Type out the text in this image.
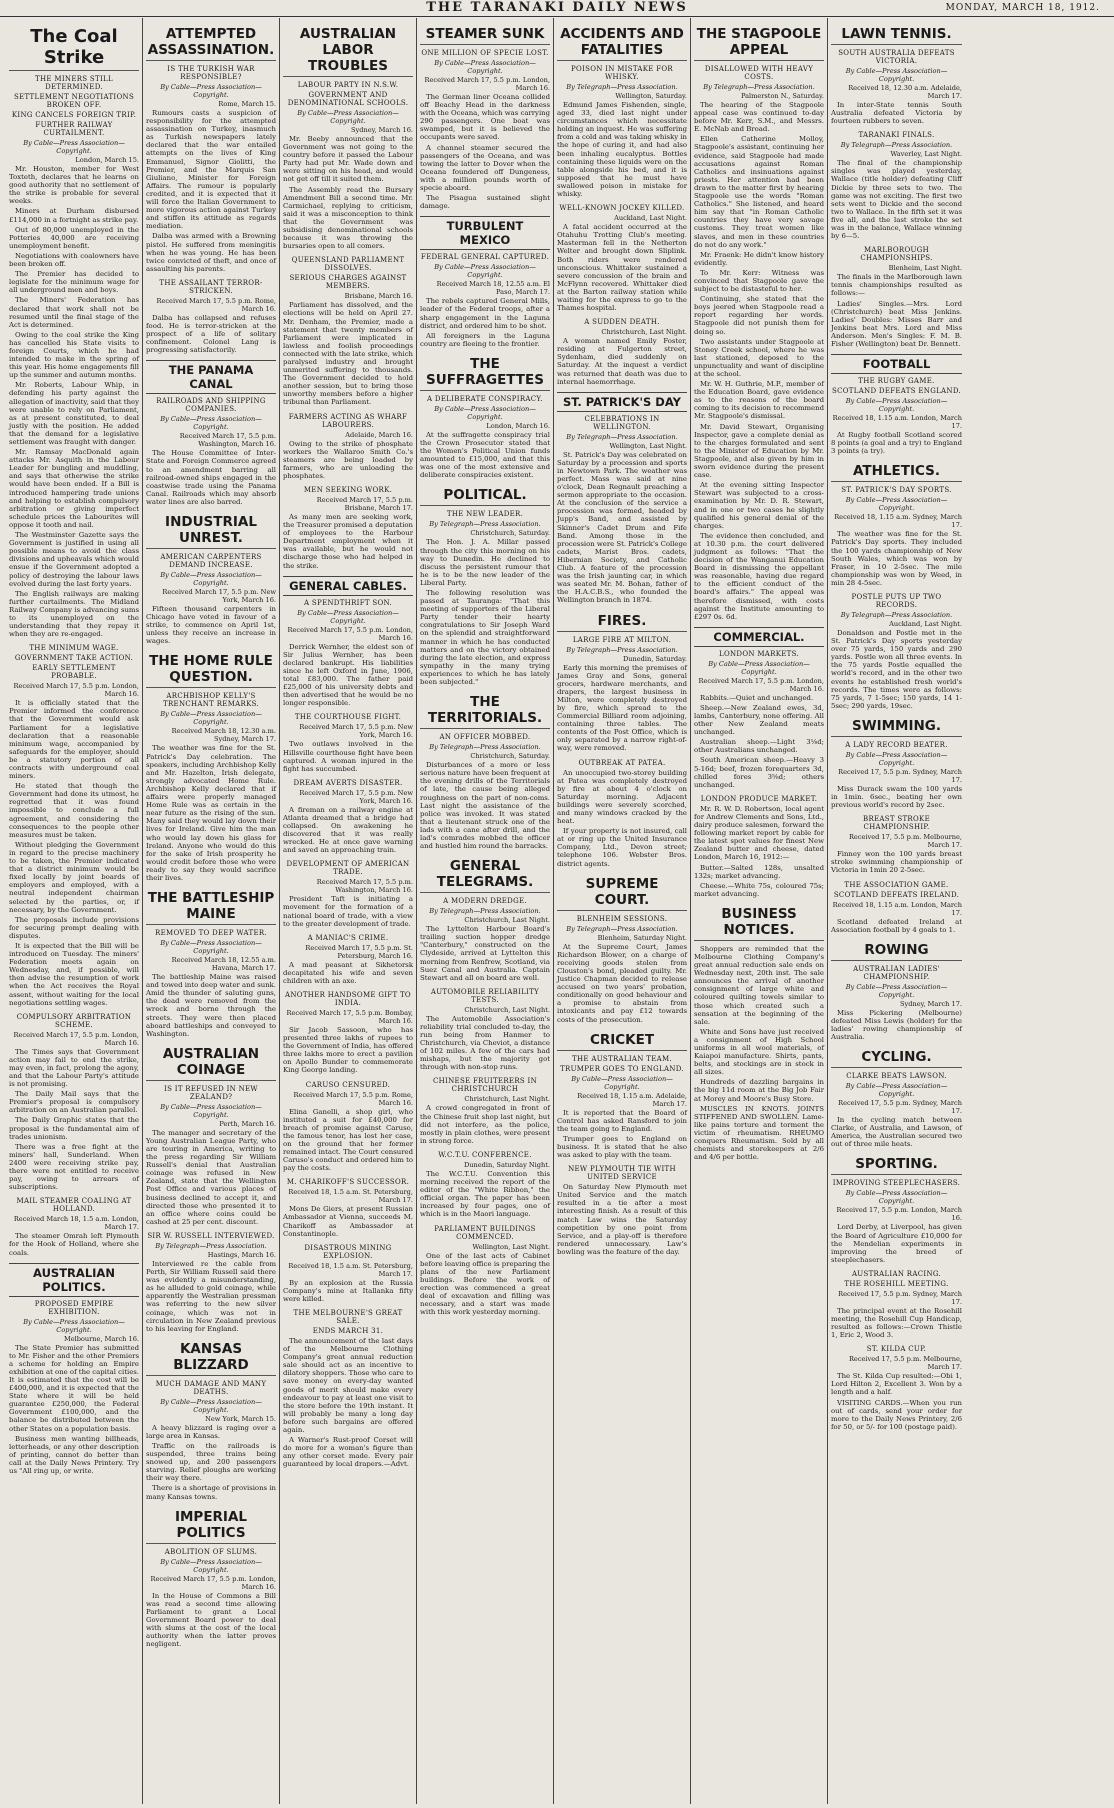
THE TARANAKI DAILY NEWS	MONDAY, MARCH 18, 1912.
The Coal Strike
THE MINERS STILL DETERMINED.
SETTLEMENT NEGOTIATIONS BROKEN OFF.
KING CANCELS FOREIGN TRIP.
FURTHER RAILWAY CURTAILMENT.
By Cable—Press Association—Copyright.
London, March 15.

Mr. Houston, member for West Toxteth, declares that he learns on good authority that no settlement of the strike is probable for several weeks.

Miners at Durham disbursed £114,000 in a fortnight as strike pay.

Out of 80,000 unemployed in the Potteries 40,000 are receiving unemployment benefit.

Negotiations with coalowners have been broken off.

The Premier has decided to legislate for the minimum wage for all underground men and boys.

The Miners' Federation has declared that work shall not be resumed until the final stage of the Act is determined.

Owing to the coal strike the King has cancelled his State visits to foreign Courts, which he had intended to make in the spring of this year. His home engagements fill up the summer and autumn months.

Mr. Roberts, Labour Whip, in defending his party against the allegation of inactivity, said that they were unable to rely on Parliament, as at present constituted, to deal justly with the position. He added that the demand for a legislative settlement was fraught with danger.

Mr. Ramsay MacDonald again attacks Mr. Asquith in the Labour Leader for bungling and muddling, and says that otherwise the strike would have been ended. If a Bill is introduced hampering trade unions and helping to establish compulsory arbitration or giving imperfect schedule prices the Labourites will oppose it tooth and nail.

The Westminster Gazette says the Government is justified in using all possible means to avoid the class divisions and upheavals which would ensue if the Government adopted a policy of destroying the labour laws evolved during the last forty years.

The English railways are making further curtailments. The Midland Railway Company is advancing sums to its unemployed on the understanding that they repay it when they are re-engaged.

THE MINIMUM WAGE.
GOVERNMENT TAKE ACTION.
EARLY SETTLEMENT PROBABLE.
Received March 17, 5.5 p.m. London, March 16.

It is officially stated that the Premier informed the conference that the Government would ask Parliament for a legislative declaration that a reasonable minimum wage, accompanied by safeguards for the employer, should be a statutory portion of all contracts with underground coal miners.

He stated that though the Government had done its utmost, he regretted that it was found impossible to conclude a full agreement, and considering the consequences to the people other measures must be taken.

Without pledging the Government in regard to the precise machinery to be taken, the Premier indicated that a district minimum would be fixed locally by joint boards of employers and employed, with a neutral independent chairman selected by the parties, or, if necessary, by the Government.

The proposals include provisions for securing prompt dealing with disputes.

It is expected that the Bill will be introduced on Tuesday. The miners' Federation meets again on Wednesday, and, if possible, will then advise the resumption of work when the Act receives the Royal assent, without waiting for the local negotiations settling wages.

COMPULSORY ARBITRATION SCHEME.
Received March 17, 5.5 p.m. London, March 16.

The Times says that Government action may fail to end the strike, may even, in fact, prolong the agony, and that the Labour Party's attitude is not promising.

The Daily Mail says that the Premier's proposal is compulsory arbitration on an Australian parallel.

The Daily Graphic states that the proposal is the fundamental aim of trades unionism.

There was a free fight at the miners' hall, Sunderland. When 2400 were receiving strike pay, there were not entitled to receive pay, owing to arrears of subscriptions.

MAIL STEAMER COALING AT HOLLAND.
Received March 18, 1.5 a.m. London, March 17.

The steamer Omrah left Plymouth for the Hook of Holland, where she coals.

AUSTRALIAN POLITICS.
PROPOSED EMPIRE EXHIBITION.
By Cable—Press Association—Copyright.
Melbourne, March 16.

The State Premier has submitted to Mr. Fisher and the other Premiers a scheme for holding an Empire exhibition at one of the capital cities. It is estimated that the cost will be £400,000, and it is expected that the State where it will be held guarantee £250,000, the Federal Government £100,000, and the balance be distributed between the other States on a population basis.

Business men wanting billheads, letterheads, or any other description of printing, cannot do better than call at the Daily News Printery. Try us "All ring up, or write.

ATTEMPTED ASSASSINATION.
IS THE TURKISH WAR RESPONSIBLE?
By Cable—Press Association—Copyright.
Rome, March 15.

Rumours casts a suspicion of responsibility for the attempted assassination on Turkey, inasmuch as Turkish newspapers lately declared that the war entailed attempts on the lives of King Emmanuel, Signor Giolitti, the Premier, and the Marquis San Giuliano, Minister for Foreign Affairs. The rumour is popularly credited, and it is expected that it will force the Italian Government to more vigorous action against Turkey and stiffen its attitude as regards mediation.

Dalba was armed with a Browning pistol. He suffered from meningitis when he was young. He has been twice convicted of theft, and once of assaulting his parents.

THE ASSAILANT TERROR-STRICKEN.
Received March 17, 5.5 p.m. Rome, March 16.

Dalba has collapsed and refuses food. He is terror-stricken at the prospect of a life of solitary confinement. Colonel Lang is progressing satisfactorily.

THE PANAMA CANAL
RAILROADS AND SHIPPING COMPANIES.
By Cable—Press Association—Copyright.
Received March 17, 5.5 p.m. Washington, March 16.

The House Committee of Inter-State and Foreign Commerce agreed to an amendment barring all railroad-owned ships engaged in the coastwise trade using the Panama Canal. Railroads which may absorb water lines are also barred.

INDUSTRIAL UNREST.
AMERICAN CARPENTERS DEMAND INCREASE.
By Cable—Press Association—Copyright.
Received March 17, 5.5 p.m. New York, March 16.

Fifteen thousand carpenters in Chicago have voted in favour of a strike, to commence on April 1st, unless they receive an increase in wages.

THE HOME RULE QUESTION.
ARCHBISHOP KELLY'S TRENCHANT REMARKS.
By Cable—Press Association—Copyright.
Received March 18, 12.30 a.m. Sydney, March 17.

The weather was fine for the St. Patrick's Day celebration. The speakers, including Archbishop Kelly and Mr. Hazelton, Irish delegate, strongly advocated Home Rule. Archbishop Kelly declared that if affairs were properly managed Home Rule was as certain in the near future as the rising of the sun. Many said they would lay down their lives for Ireland. Give him the man who would lay down his glass for Ireland. Anyone who would do this for the sake of Irish prosperity he would credit before those who were ready to say they would sacrifice their lives.

THE BATTLESHIP MAINE
REMOVED TO DEEP WATER.
By Cable—Press Association—Copyright.
Received March 18, 12.55 a.m. Havana, March 17.

The battleship Maine was raised and towed into deep water and sunk. Amid the thunder of saluting guns, the dead were removed from the wreck and borne through the streets. They were then placed aboard battleships and conveyed to Washington.

AUSTRALIAN COINAGE
IS IT REFUSED IN NEW ZEALAND?
By Cable—Press Association—Copyright.
Perth, March 16.

The manager and secretary of the Young Australian League Party, who are touring in America, writing to the press regarding Sir William Russell's denial that Australian coinage was refused in New Zealand, state that the Wellington Post Office and various places of business declined to accept it, and directed those who presented it to an office where coins could be cashed at 25 per cent. discount.

SIR W. RUSSELL INTERVIEWED.
By Telegraph—Press Association.
Hastings, March 16.

Interviewed re the cable from Perth, Sir William Russell said there was evidently a misunderstanding, as he alluded to gold coinage, while apparently the Westralian pressman was referring to the new silver coinage, which was not in circulation in New Zealand previous to his leaving for England.

KANSAS BLIZZARD
MUCH DAMAGE AND MANY DEATHS.
By Cable—Press Association—Copyright.
New York, March 15.

A heavy blizzard is raging over a large area in Kansas.

Traffic on the railroads is suspended, three trains being snowed up, and 200 passengers starving. Relief ploughs are working their way there.

There is a shortage of provisions in many Kansas towns.

IMPERIAL POLITICS
ABOLITION OF SLUMS.
By Cable—Press Association—Copyright.
Received March 17, 5.5 p.m. London, March 16.

In the House of Commons a Bill was read a second time allowing Parliament to grant a Local Government Board power to deal with slums at the cost of the local authority when the latter proves negligent.

AUSTRALIAN LABOR TROUBLES
LABOUR PARTY IN N.S.W.
GOVERNMENT AND DENOMINATIONAL SCHOOLS.
By Cable—Press Association—Copyright.
Sydney, March 16.

Mr. Beeby announced that the Government was not going to the country before it passed the Labour Party had put Mr. Wade down and were sitting on his head, and would not get off till it suited them.

The Assembly read the Bursary Amendment Bill a second time. Mr. Carmichael, replying to criticism, said it was a misconception to think that the Government was subsidising denominational schools because it was throwing the bursaries open to all comers.

QUEENSLAND PARLIAMENT DISSOLVES.
SERIOUS CHARGES AGAINST MEMBERS.
Brisbane, March 16.

Parliament has dissolved, and the elections will be held on April 27. Mr. Denham, the Premier, made a statement that twenty members of Parliament were implicated in lawless and foolish proceedings connected with the late strike, which paralysed industry and brought unmerited suffering to thousands. The Government decided to hold another session, but to bring those unworthy members before a higher tribunal than Parliament.

FARMERS ACTING AS WHARF LABOURERS.
Adelaide, March 16.

Owing to the strike of phosphate workers the Wallaroo Smith Co.'s steamers are being loaded by farmers, who are unloading the phosphates.

MEN SEEKING WORK.
Received March 17, 5.5 p.m. Brisbane, March 17.

As many men are seeking work, the Treasurer promised a deputation of employees to the Harbour Department employment when it was available, but he would not discharge those who had helped in the strike.

GENERAL CABLES.
A SPENDTHRIFT SON.
By Cable—Press Association—Copyright.
Received March 17, 5.5 p.m. London, March 16.

Derrick Wernher, the eldest son of Sir Julius Wernher, has been declared bankrupt. His liabilities since he left Oxford in June, 1906, total £83,000. The father paid £25,000 of his university debts and then advertised that he would be no longer responsible.

THE COURTHOUSE FIGHT.
Received March 17, 5.5 p.m. New York, March 16.

Two outlaws involved in the Hillsville courthouse fight have been captured. A woman injured in the fight has succumbed.

DREAM AVERTS DISASTER.
Received March 17, 5.5 p.m. New York, March 16.

A fireman on a railway engine at Atlanta dreamed that a bridge had collapsed. On awakening he discovered that it was really wrecked. He at once gave warning and saved an approaching train.

DEVELOPMENT OF AMERICAN TRADE.
Received March 17, 5.5 p.m. Washington, March 16.

President Taft is initiating a movement for the formation of a national board of trade, with a view to the greater development of trade.

A MANIAC'S CRIME.
Received March 17, 5.5 p.m. St. Petersburg, March 16.

A mad peasant at Sikhetorsk decapitated his wife and seven children with an axe.

ANOTHER HANDSOME GIFT TO INDIA.
Received March 17, 5.5 p.m. Bombay, March 16.

Sir Jacob Sassoon, who has presented three lakhs of rupees to the Government of India, has offered three lakhs more to erect a pavilion on Apollo Bunder to commemorate King George landing.

CARUSO CENSURED.
Received March 17, 5.5 p.m. Rome, March 16.

Elina Ganelli, a shop girl, who instituted a suit for £40,000 for breach of promise against Caruso, the famous tenor, has lost her case, on the ground that her former remained intact. The Court censured Caruso's conduct and ordered him to pay the costs.

M. CHARIKOFF'S SUCCESSOR.
Received 18, 1.5 a.m. St. Petersburg, March 17.

Mons De Giers, at present Russian Ambassador at Vienna, succeeds M. Charikoff as Ambassador at Constantinople.

DISASTROUS MINING EXPLOSION.
Received 18, 1.5 a.m. St. Petersburg, March 17.

By an explosion at the Russia Company's mine at Itallanka fifty were killed.

THE MELBOURNE'S GREAT SALE.
ENDS MARCH 31.

The announcement of the last days of the Melbourne Clothing Company's great annual reduction sale should act as an incentive to dilatory shoppers. Those who care to save money on every-day wanted goods of merit should make every endeavour to pay at least one visit to the store before the 19th instant. It will probably be many a long day before such bargains are offered again.

A Warner's Rust-proof Corset will do more for a woman's figure than any other corset made. Every pair guaranteed by local drapers.—Advt.

STEAMER SUNK
ONE MILLION OF SPECIE LOST.
By Cable—Press Association—Copyright.
Received March 17, 5.5 p.m. London, March 16.

The German liner Oceana collided off Beachy Head in the darkness with the Oceana, which was carrying 290 passengers. One boat was swamped, but it is believed the occupants were saved.

A channel steamer secured the passengers of the Oceana, and was towing the latter to Dover when the Oceana foundered off Dungeness, with a million pounds worth of specie aboard.

The Pisagua sustained slight damage.

TURBULENT MEXICO
FEDERAL GENERAL CAPTURED.
By Cable—Press Association—Copyright.
Received March 18, 12.55 a.m. El Paso, March 17.

The rebels captured General Mills, leader of the Federal troops, after a sharp engagement in the Laguna district, and ordered him to be shot.

All foreigners in the Laguna country are fleeing to the frontier.

THE SUFFRAGETTES
A DELIBERATE CONSPIRACY.
By Cable—Press Association—Copyright.
London, March 16.

At the suffragette conspiracy trial the Crown Prosecutor stated that the Women's Political Union funds amounted to £15,000, and that this was one of the most extensive and deliberate conspiracies existent.

POLITICAL.
THE NEW LEADER.
By Telegraph—Press Association.
Christchurch, Saturday.

The Hon. J. A. Millar passed through the city this morning on his way to Dunedin. He declined to discuss the persistent rumour that he is to be the new leader of the Liberal Party.

The following resolution was passed at Tauranga: "That this meeting of supporters of the Liberal Party tender their hearty congratulations to Sir Joseph Ward on the splendid and straightforward manner in which he has conducted matters and on the victory obtained during the late election, and express sympathy in the many trying experiences to which he has lately been subjected."

THE TERRITORIALS.
AN OFFICER MOBBED.
By Telegraph—Press Association.
Christchurch, Saturday.

Disturbances of a more or less serious nature have been frequent at the evening drills of the Territorials of late, the cause being alleged roughness on the part of non-coms. Last night the assistance of the police was invoked. It was stated that a lieutenant struck one of the lads with a cane after drill, and the lad's comrades mobbed the officer and hustled him round the barracks.

GENERAL TELEGRAMS.
A MODERN DREDGE.
By Telegraph—Press Association.
Christchurch, Last Night.

The Lyttelton Harbour Board's trailing suction hopper dredge "Canterbury," constructed on the Clydeside, arrived at Lyttelton this morning from Renfrew, Scotland, via Suez Canal and Australia. Captain Stewart and all on board are well.

AUTOMOBILE RELIABILITY TESTS.
Christchurch, Last Night.

The Automobile Association's reliability trial concluded to-day, the run being from Hanmer to Christchurch, via Cheviot, a distance of 102 miles. A few of the cars had mishaps, but the majority got through with non-stop runs.

CHINESE FRUITERERS IN CHRISTCHURCH
Christchurch, Last Night.

A crowd congregated in front of the Chinese fruit shop last night, but did not interfere, as the police, mostly in plain clothes, were present in strong force.

W.C.T.U. CONFERENCE.
Dunedin, Saturday Night.

The W.C.T.U. Convention this morning received the report of the editor of the "White Ribbon," the official organ. The paper has been increased by four pages, one of which is in the Maori language.

PARLIAMENT BUILDINGS COMMENCED.
Wellington, Last Night.

One of the last acts of Cabinet before leaving office is preparing the plans of the new Parliament buildings. Before the work of erection was commenced a great deal of excavation and filling was necessary, and a start was made with this work yesterday morning.

ACCIDENTS AND FATALITIES
POISON IN MISTAKE FOR WHISKY.
By Telegraph—Press Association.
Wellington, Saturday.

Edmund James Fishenden, single, aged 33, died last night under circumstances which necessitate holding an inquest. He was suffering from a cold and was taking whisky in the hope of curing it, and had also been inhaling eucalyptus. Bottles containing these liquids were on the table alongside his bed, and it is supposed that he must have swallowed poison in mistake for whisky.

WELL-KNOWN JOCKEY KILLED.
Auckland, Last Night.

A fatal accident occurred at the Otahuhu Trotting Club's meeting. Masterman fell in the Netherton Welter and brought down Sliplink. Both riders were rendered unconscious. Whittaker sustained a severe concussion of the brain and McFlynn recovered. Whittaker died at the Barton railway station while waiting for the express to go to the Thames hospital.

A SUDDEN DEATH.
Christchurch, Last Night.

A woman named Emily Foster, residing at Fulgerton street, Sydenham, died suddenly on Saturday. At the inquest a verdict was returned that death was due to internal haemorrhage.

ST. PATRICK'S DAY
CELEBRATIONS IN WELLINGTON.
By Telegraph—Press Association.
Wellington, Last Night.

St. Patrick's Day was celebrated on Saturday by a procession and sports in Newtown Park. The weather was perfect. Mass was said at nine o'clock, Dean Regnault preaching a sermon appropriate to the occasion. At the conclusion of the service a procession was formed, headed by Jupp's Band, and assisted by Skinner's Cadet Drum and Fife Band. Among those in the procession were St. Patrick's College cadets, Marist Bros. cadets, Hibernian Society, and Catholic Club. A feature of the procession was the Irish jaunting car, in which was seated Mr. M. Bohan, father of the H.A.C.B.S., who founded the Wellington branch in 1874.

FIRES.
LARGE FIRE AT MILTON.
By Telegraph—Press Association.
Dunedin, Saturday.

Early this morning the premises of James Gray and Sons, general grocers, hardware merchants, and drapers, the largest business in Milton, were completely destroyed by fire, which spread to the Commercial Billiard room adjoining, containing three tables. The contents of the Post Office, which is only separated by a narrow right-of-way, were removed.

OUTBREAK AT PATEA.

An unoccupied two-storey building at Patea was completely destroyed by fire at about 4 o'clock on Saturday morning. Adjacent buildings were severely scorched, and many windows cracked by the heat.

If your property is not insured, call at or ring up the United Insurance Company, Ltd., Devon street; telephone 106. Webster Bros. district agents.

SUPREME COURT.
BLENHEIM SESSIONS.
By Telegraph—Press Association.
Blenheim, Saturday Night.

At the Supreme Court, James Richardson Blower, on a charge of receiving goods stolen from Clouston's bond, pleaded guilty. Mr. Justice Chapman decided to release accused on two years' probation, conditionally on good behaviour and a promise to abstain from intoxicants and pay £12 towards costs of the prosecution.

CRICKET
THE AUSTRALIAN TEAM.
TRUMPER GOES TO ENGLAND.
By Cable—Press Association—Copyright.
Received 18, 1.15 a.m. Adelaide, March 17.

It is reported that the Board of Control has asked Ransford to join the team going to England.

Trumper goes to England on business. It is stated that he also was asked to play with the team.

NEW PLYMOUTH TIE WITH UNITED SERVICE

On Saturday New Plymouth met United Service and the match resulted in a tie after a most interesting finish. As a result of this match Law wins the Saturday competition by one point from Service, and a play-off is therefore rendered unnecessary. Law's bowling was the feature of the day.

THE STAGPOOLE APPEAL
DISALLOWED WITH HEAVY COSTS.
By Telegraph—Press Association.
Palmerston N., Saturday.

The hearing of the Stagpoole appeal case was continued to-day before Mr. Kerr, S.M., and Messrs. E. McNab and Broad.

Ellen Catherine Molloy, Stagpoole's assistant, continuing her evidence, said Stagpoole had made accusations against Roman Catholics and insinuations against priests. Her attention had been drawn to the matter first by hearing Stagpoole use the words "Roman Catholics." She listened, and heard him say that "in Roman Catholic countries they have very savage customs. They treat women like slaves, and men in these countries do not do any work."

Mr. Fraenk: He didn't know history evidently.

To Mr. Kerr: Witness was convinced that Stagpoole gave the subject to be distasteful to her.

Continuing, she stated that the boys jeered when Stagpoole read a report regarding her words. Stagpoole did not punish them for doing so.

Two assistants under Stagpoole at Stoney Creek school, where he was last stationed, deposed to the unpunctuality and want of discipline at the school.

Mr. W. H. Guthrie, M.P., member of the Education Board, gave evidence as to the reasons of the board coming to its decision to recommend Mr. Stagpoole's dismissal.

Mr. David Stewart, Organising Inspector, gave a complete denial as to the charges formulated and sent to the Minister of Education by Mr. Stagpoole, and also given by him in sworn evidence during the present case.

At the evening sitting Inspector Stewart was subjected to a cross-examination by Mr. D. R. Stewart, and in one or two cases he slightly qualified his general denial of the charges.

The evidence then concluded, and at 10.30 p.m. the court delivered judgment as follows: "That the decision of the Wanganui Education Board in dismissing the appellant was reasonable, having due regard to the efficient conduct of the board's affairs." The appeal was therefore dismissed, with costs against the Institute amounting to £297 0s. 6d.

COMMERCIAL.
LONDON MARKETS.
By Cable—Press Association—Copyright.
Received March 17, 5.5 p.m. London, March 16.

Rabbits.—Quiet and unchanged.

Sheep.—New Zealand ewes, 3d, lambs, Canterbury, none offering. All other New Zealand meats unchanged.

Australian sheep.—Light 3⅛d; other Australians unchanged.

South American sheep.—Heavy 3 5-16d; beef, frozen forequarters 3d, chilled fores 3⅝d; others unchanged.

LONDON PRODUCE MARKET.

Mr. R. W. D. Robertson, local agent for Andrew Clements and Sons, Ltd., dairy produce salesmen, forward the following market report by cable for the latest spot values for finest New Zealand butter and cheese, dated London, March 16, 1912:—

Butter.—Salted 128s, unsalted 132s; market advancing.

Cheese.—White 75s, coloured 75s; market advancing.

BUSINESS NOTICES.

Shoppers are reminded that the Melbourne Clothing Company's great annual reduction sale ends on Wednesday next, 20th inst. The sale announces the arrival of another consignment of large white and coloured quilting towels similar to those which created such a sensation at the beginning of the sale.

White and Sons have just received a consignment of High School uniforms in all wool materials, of Kaiapoi manufacture. Shirts, pants, belts, and stockings are in stock in all sizes.

Hundreds of dazzling bargains in the big 11d room at the Big Job Fair at Morey and Moore's Busy Store.

MUSCLES IN KNOTS. JOINTS STIFFENED AND SWOLLEN. Lame-like pains torture and torment the victim of rheumatism. RHEUMO conquers Rheumatism. Sold by all chemists and storekeepers at 2/6 and 4/6 per bottle.

LAWN TENNIS.
SOUTH AUSTRALIA DEFEATS VICTORIA.
By Cable—Press Association—Copyright.
Received 18, 12.30 a.m. Adelaide, March 17.

In inter-State tennis South Australia defeated Victoria by fourteen rubbers to seven.

TARANAKI FINALS.
By Telegraph—Press Association.
Waverley, Last Night.

The final of the championship singles was played yesterday, Wallace (title holder) defeating Cliff Dickie by three sets to two. The game was not exciting. The first two sets went to Dickie and the second two to Wallace. In the fifth set it was five all, and the last stroke the set was in the balance, Wallace winning by 6—5.

MARLBOROUGH CHAMPIONSHIPS.
Blenheim, Last Night.

The finals in the Marlborough lawn tennis championships resulted as follows:—

Ladies' Singles.—Mrs. Lord (Christchurch) beat Miss Jenkins. Ladies' Doubles: Misses Barr and Jenkins beat Mrs. Lord and Miss Anderson. Men's Singles: F. M. B. Fisher (Wellington) beat Dr. Bennett.

FOOTBALL
THE RUGBY GAME.
SCOTLAND DEFEATS ENGLAND.
By Cable—Press Association—Copyright.
Received 18, 1.15 a.m. London, March 17.

At Rugby football Scotland scored 8 points (a goal and a try) to England 3 points (a try).

ATHLETICS.
ST. PATRICK'S DAY SPORTS.
By Cable—Press Association—Copyright.
Received 18, 1.15 a.m. Sydney, March 17.

The weather was fine for the St. Patrick's Day sports. They included the 100 yards championship of New South Wales, which was won by Fraser, in 10 2-5sec. The mile championship was won by Weed, in min 28 4-5sec.

POSTLE PUTS UP TWO RECORDS.
By Telegraph—Press Association.
Auckland, Last Night.

Donaldson and Postle met in the St. Patrick's Day sports yesterday over 75 yards, 150 yards and 290 yards. Postle won all three events. In the 75 yards Postle equalled the world's record, and in the other two events he established fresh world's records. The times were as follows: 75 yards, 7 1-5sec; 150 yards, 14 1-5sec; 290 yards, 19sec.

SWIMMING.
A LADY RECORD BEATER.
By Cable—Press Association—Copyright.
Received 17, 5.5 p.m. Sydney, March 17.

Miss Durack swam the 100 yards in 1min. 6sec., beating her own previous world's record by 2sec.

BREAST STROKE CHAMPIONSHIP.
Received 17, 5.5 p.m. Melbourne, March 17.

Finney won the 100 yards breast stroke swimming championship of Victoria in 1min 20 2-5sec.

THE ASSOCIATION GAME.
SCOTLAND DEFEATS IRELAND.
Received 18, 1.15 a.m. London, March 17.

Scotland defeated Ireland at Association football by 4 goals to 1.

ROWING
AUSTRALIAN LADIES' CHAMPIONSHIP.
By Cable—Press Association—Copyright.
Sydney, March 17.

Miss Pickering (Melbourne) defeated Miss Lewis (holder) for the ladies' rowing championship of Australia.

CYCLING.
CLARKE BEATS LAWSON.
By Cable—Press Association—Copyright.
Received 17, 5.5 p.m. Sydney, March 17.

In the cycling match between Clarke, of Australia, and Lawson, of America, the Australian secured two out of three mile heats.

SPORTING.
IMPROVING STEEPLECHASERS.
By Cable—Press Association—Copyright.
Received 17, 5.5 p.m. London, March 16.

Lord Derby, at Liverpool, has given the Board of Agriculture £10,000 for the Mendelian experiments in improving the breed of steeplechasers.

AUSTRALIAN RACING.
THE ROSEHILL MEETING.
Received 17, 5.5 p.m. Sydney, March 17.

The principal event at the Rosehill meeting, the Rosehill Cup Handicap, resulted as follows:—Crown Thistle 1, Eric 2, Wood 3.

ST. KILDA CUP.
Received 17, 5.5 p.m. Melbourne, March 17.

The St. Kilda Cup resulted:—Obi 1, Lord Hilton 2, Excellent 3. Won by a length and a half.

VISITING CARDS.—When you run out of cards, send your order for more to the Daily News Printery, 2/6 for 50, or 5/- for 100 (postage paid).
